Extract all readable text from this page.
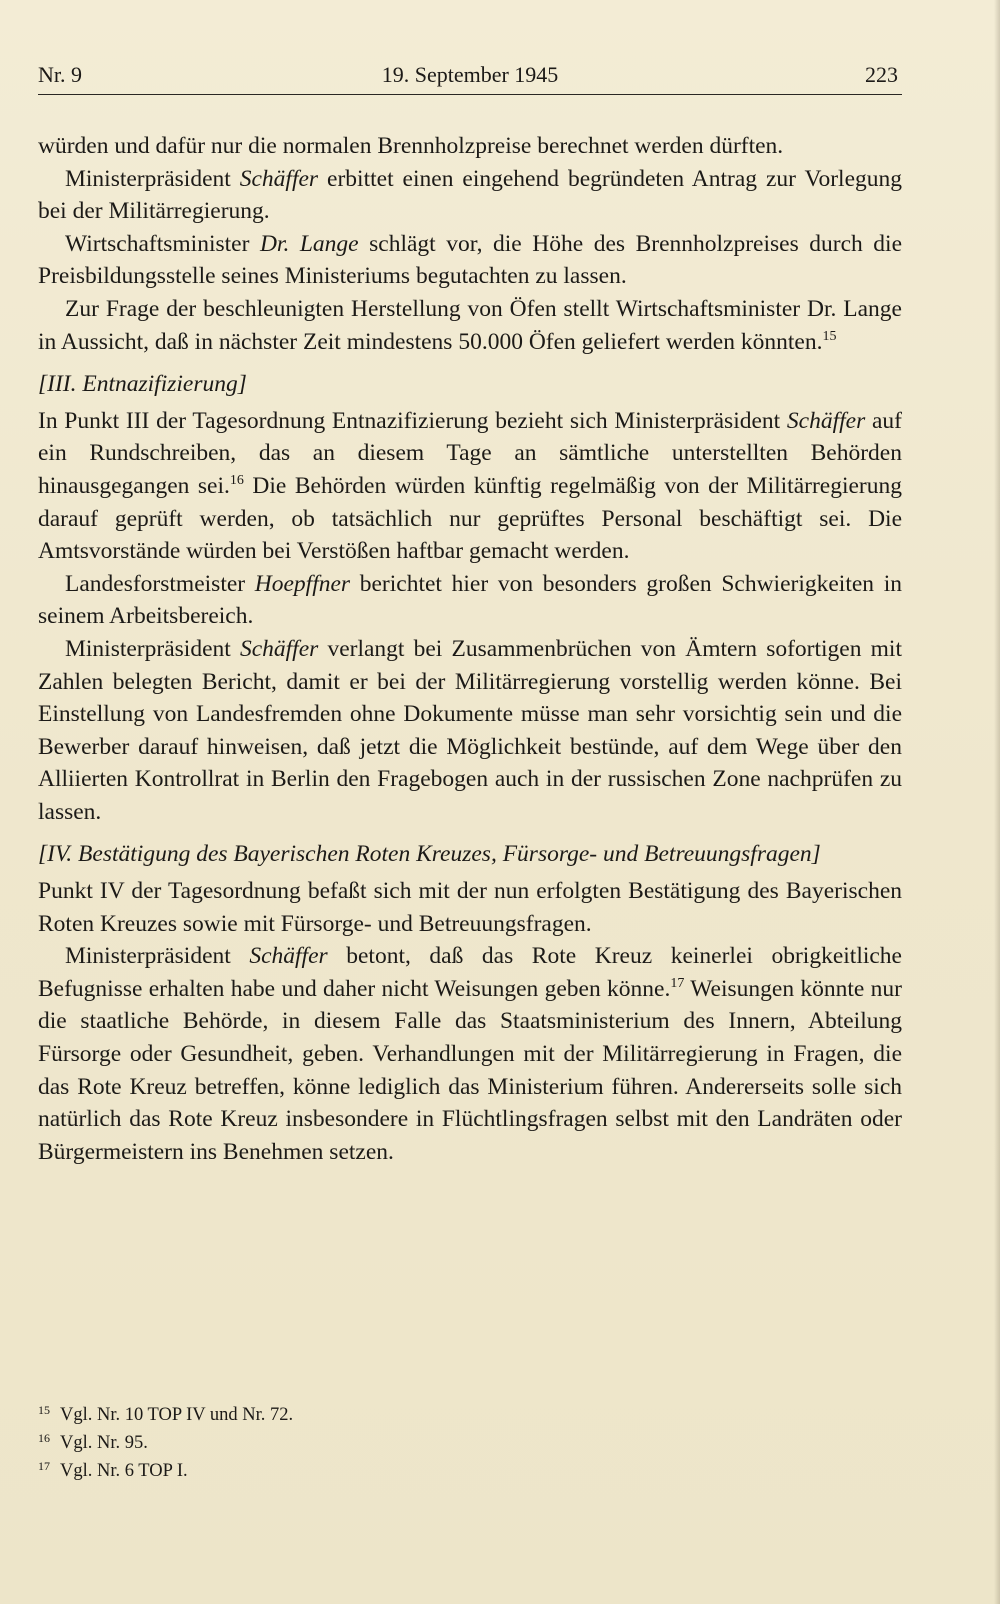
Nr. 9	19. September 1945	223

würden und dafür nur die normalen Brennholzpreise berechnet werden dürften.

Ministerpräsident Schäffer erbittet einen eingehend begründeten Antrag zur Vorlegung bei der Militärregierung.

Wirtschaftsminister Dr. Lange schlägt vor, die Höhe des Brennholzpreises durch die Preisbildungsstelle seines Ministeriums begutachten zu lassen.

Zur Frage der beschleunigten Herstellung von Öfen stellt Wirtschaftsminister Dr. Lange in Aussicht, daß in nächster Zeit mindestens 50.000 Öfen geliefert werden könnten.$^{15}$

[III. Entnazifizierung]

In Punkt III der Tagesordnung Entnazifizierung bezieht sich Ministerpräsident Schäffer auf ein Rundschreiben, das an diesem Tage an sämtliche unterstellten Behörden hinausgegangen sei.$^{16}$ Die Behörden würden künftig regelmäßig von der Militärregierung darauf geprüft werden, ob tatsächlich nur geprüftes Personal beschäftigt sei. Die Amtsvorstände würden bei Verstößen haftbar gemacht werden.

Landesforstmeister Hoepffner berichtet hier von besonders großen Schwierigkeiten in seinem Arbeitsbereich.

Ministerpräsident Schäffer verlangt bei Zusammenbrüchen von Ämtern sofortigen mit Zahlen belegten Bericht, damit er bei der Militärregierung vorstellig werden könne. Bei Einstellung von Landesfremden ohne Dokumente müsse man sehr vorsichtig sein und die Bewerber darauf hinweisen, daß jetzt die Möglichkeit bestünde, auf dem Wege über den Alliierten Kontrollrat in Berlin den Fragebogen auch in der russischen Zone nachprüfen zu lassen.

[IV. Bestätigung des Bayerischen Roten Kreuzes, Fürsorge- und Betreuungsfragen]

Punkt IV der Tagesordnung befaßt sich mit der nun erfolgten Bestätigung des Bayerischen Roten Kreuzes sowie mit Fürsorge- und Betreuungsfragen.

Ministerpräsident Schäffer betont, daß das Rote Kreuz keinerlei obrigkeitliche Befugnisse erhalten habe und daher nicht Weisungen geben könne.$^{17}$ Weisungen könnte nur die staatliche Behörde, in diesem Falle das Staatsministerium des Innern, Abteilung Fürsorge oder Gesundheit, geben. Verhandlungen mit der Militärregierung in Fragen, die das Rote Kreuz betreffen, könne lediglich das Ministerium führen. Andererseits solle sich natürlich das Rote Kreuz insbesondere in Flüchtlingsfragen selbst mit den Landräten oder Bürgermeistern ins Benehmen setzen.

15 Vgl. Nr. 10 TOP IV und Nr. 72.
16 Vgl. Nr. 95.
17 Vgl. Nr. 6 TOP I.
